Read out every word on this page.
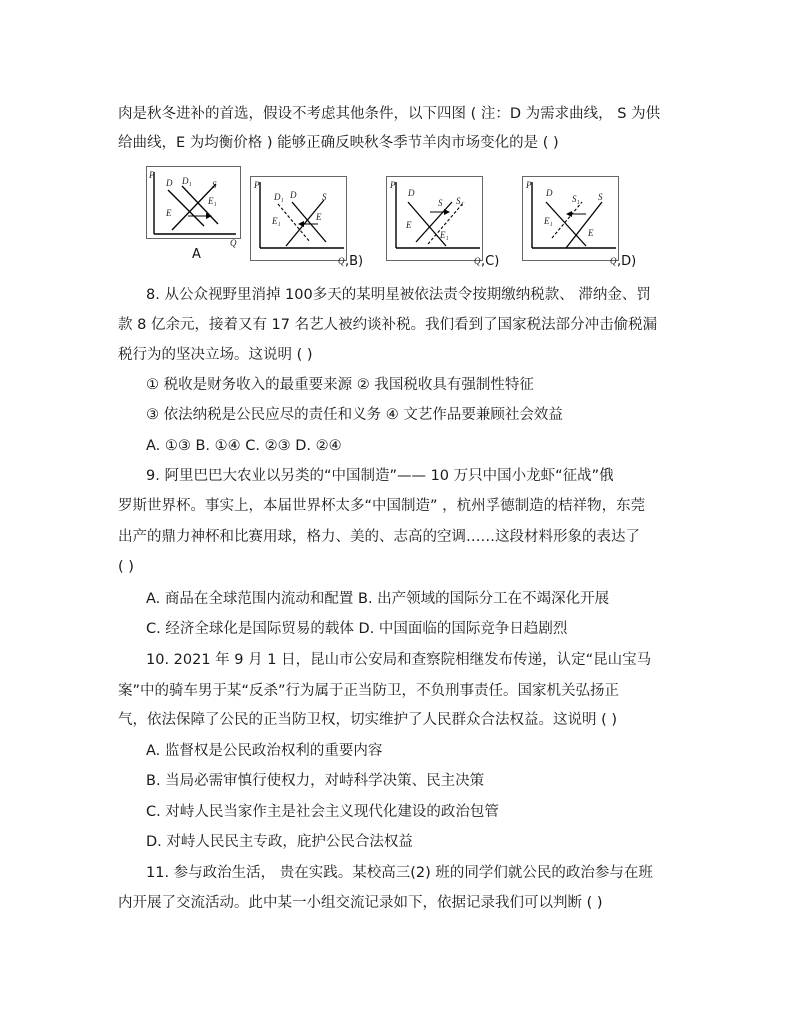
肉是秋冬进补的首选，假设不考虑其他条件，以下四图 ( 注：D 为需求曲线， S 为供
给曲线，E 为均衡价格 ) 能够正确反映秋冬季节羊肉市场变化的是 ( )
P
Q
D D₁ S
E₁
E
A
P
Q
D₁ D	S
E₁	E
,B)
P
Q
D
S S₁
E
E₁
,C)
P
Q
D
S₁ S
E₁
E
,D)
8. 从公众视野里消掉 100多天的某明星被依法责令按期缴纳税款、 滞纳金、罚
款 8 亿余元，接着又有 17 名艺人被约谈补税。我们看到了国家税法部分冲击偷税漏
税行为的坚决立场。这说明 ( )
① 税收是财务收入的最重要来源 ② 我国税收具有强制性特征
③ 依法纳税是公民应尽的责任和义务 ④ 文艺作品要兼顾社会效益
A. ①③ B. ①④ C. ②③ D. ②④
9. 阿里巴巴大农业以另类的“中国制造”—— 10 万只中国小龙虾“征战”俄
罗斯世界杯。事实上，本届世界杯太多“中国制造” ，杭州孚德制造的桔祥物，东莞
出产的鼎力神杯和比赛用球，格力、美的、志高的空调……这段材料形象的表达了
( )
A. 商品在全球范围内流动和配置 B. 出产领域的国际分工在不竭深化开展
C. 经济全球化是国际贸易的载体 D. 中国面临的国际竞争日趋剧烈
10. 2021 年 9 月 1 日，昆山市公安局和查察院相继发布传递，认定“昆山宝马
案”中的骑车男于某“反杀”行为属于正当防卫，不负刑事责任。国家机关弘扬正
气，依法保障了公民的正当防卫权，切实维护了人民群众合法权益。这说明 ( )
A. 监督权是公民政治权利的重要内容
B. 当局必需审慎行使权力，对峙科学决策、民主决策
C. 对峙人民当家作主是社会主义现代化建设的政治包管
D. 对峙人民民主专政，庇护公民合法权益
11. 参与政治生活， 贵在实践。某校高三(2) 班的同学们就公民的政治参与在班
内开展了交流活动。此中某一小组交流记录如下，依据记录我们可以判断 ( )
